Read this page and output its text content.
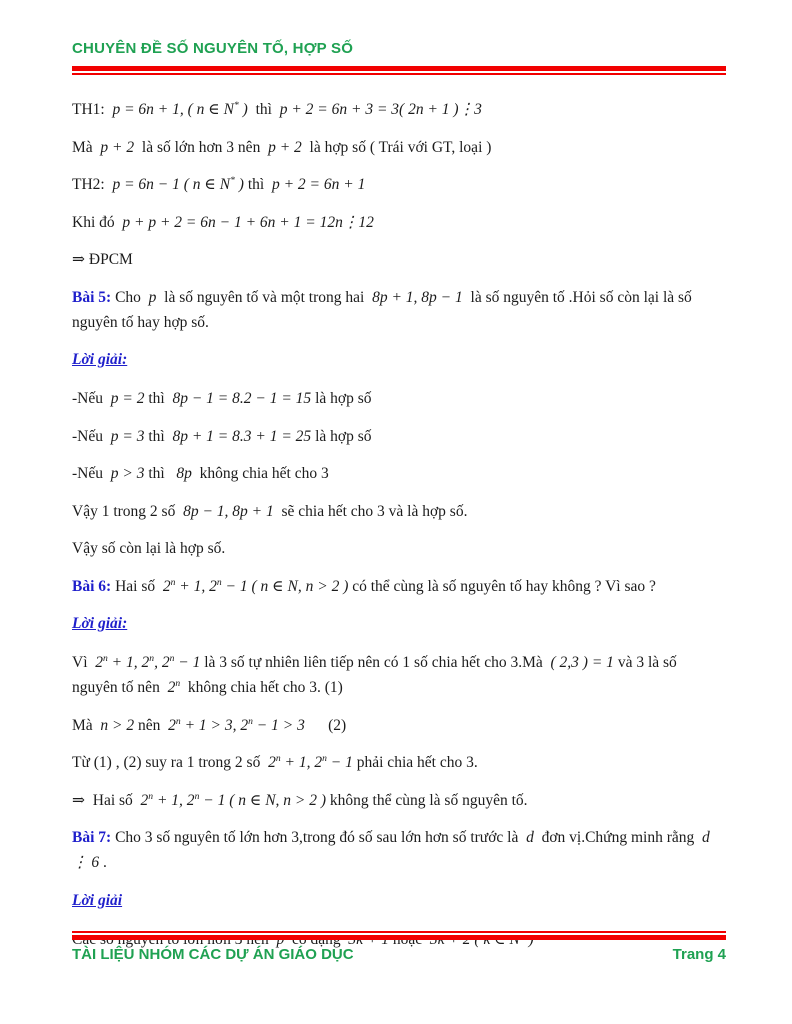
CHUYÊN ĐỀ SỐ NGUYÊN TỐ, HỢP SỐ
TH1:  p = 6n + 1, ( n ∈ N* )  thì  p + 2 = 6n + 3 = 3( 2n + 1 )⋮3
Mà  p + 2  là số lớn hơn 3 nên  p + 2  là hợp số ( Trái với GT, loại )
TH2:  p = 6n − 1 ( n ∈ N* ) thì  p + 2 = 6n + 1
Khi đó  p + p + 2 = 6n − 1 + 6n + 1 = 12n⋮12
⇒ ĐPCM
Bài 5: Cho  p  là số nguyên tố và một trong hai  8p + 1, 8p − 1  là số nguyên tố .Hỏi số còn lại là số nguyên tố hay hợp số.
Lời giải:
-Nếu  p = 2 thì  8p − 1 = 8.2 − 1 = 15 là hợp số
-Nếu  p = 3 thì  8p + 1 = 8.3 + 1 = 25 là hợp số
-Nếu  p > 3 thì   8p  không chia hết cho 3
Vậy 1 trong 2 số  8p − 1, 8p + 1  sẽ chia hết cho 3 và là hợp số.
Vậy số còn lại là hợp số.
Bài 6: Hai số  $2^n + 1$, $2^n - 1$ ( n ∈ N, n > 2 ) có thể cùng là số nguyên tố hay không ? Vì sao ?
Lời giải:
Vì  $2^n + 1$, 2$^n$, $2^n - 1$ là 3 số tự nhiên liên tiếp nên có 1 số chia hết cho 3.Mà  ( 2,3 ) = 1 và 3 là số nguyên tố nên  2$^n$  không chia hết cho 3. (1)
Mà  n > 2 nên  $2^n + 1 > 3$, $2^n - 1 > 3$      (2)
Từ (1) , (2) suy ra 1 trong 2 số  $2^n + 1$, $2^n - 1$ phải chia hết cho 3.
⇒  Hai số  $2^n + 1$, $2^n - 1$ ( n ∈ N, n > 2 ) không thể cùng là số nguyên tố.
Bài 7: Cho 3 số nguyên tố lớn hơn 3,trong đó số sau lớn hơn số trước là  d  đơn vị.Chứng minh rằng  d ⋮ 6 .
Lời giải
TÀI LIỆU NHÓM CÁC DỰ ÁN GIÁO DỤC	Trang 4
